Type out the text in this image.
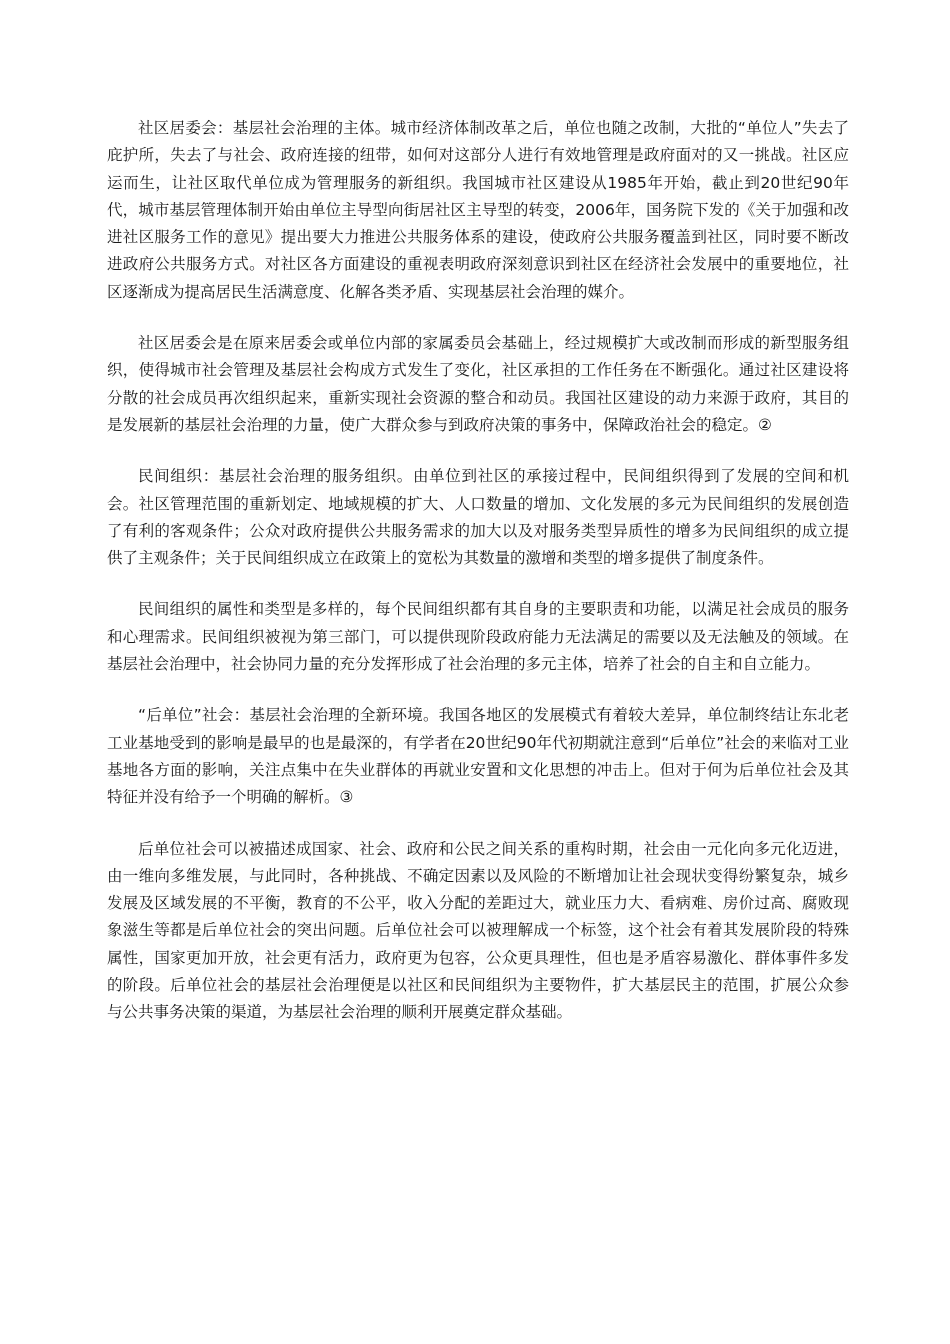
社区居委会：基层社会治理的主体。城市经济体制改革之后，单位也随之改制，大批的“单位人”失去了庇护所，失去了与社会、政府连接的纽带，如何对这部分人进行有效地管理是政府面对的又一挑战。社区应运而生，让社区取代单位成为管理服务的新组织。我国城市社区建设从1985年开始，截止到20世纪90年代，城市基层管理体制开始由单位主导型向街居社区主导型的转变，2006年，国务院下发的《关于加强和改进社区服务工作的意见》提出要大力推进公共服务体系的建设，使政府公共服务覆盖到社区，同时要不断改进政府公共服务方式。对社区各方面建设的重视表明政府深刻意识到社区在经济社会发展中的重要地位，社区逐渐成为提高居民生活满意度、化解各类矛盾、实现基层社会治理的媒介。

社区居委会是在原来居委会或单位内部的家属委员会基础上，经过规模扩大或改制而形成的新型服务组织，使得城市社会管理及基层社会构成方式发生了变化，社区承担的工作任务在不断强化。通过社区建设将分散的社会成员再次组织起来，重新实现社会资源的整合和动员。我国社区建设的动力来源于政府，其目的是发展新的基层社会治理的力量，使广大群众参与到政府决策的事务中，保障政治社会的稳定。②

民间组织：基层社会治理的服务组织。由单位到社区的承接过程中，民间组织得到了发展的空间和机会。社区管理范围的重新划定、地域规模的扩大、人口数量的增加、文化发展的多元为民间组织的发展创造了有利的客观条件；公众对政府提供公共服务需求的加大以及对服务类型异质性的增多为民间组织的成立提供了主观条件；关于民间组织成立在政策上的宽松为其数量的激增和类型的增多提供了制度条件。

民间组织的属性和类型是多样的，每个民间组织都有其自身的主要职责和功能，以满足社会成员的服务和心理需求。民间组织被视为第三部门，可以提供现阶段政府能力无法满足的需要以及无法触及的领域。在基层社会治理中，社会协同力量的充分发挥形成了社会治理的多元主体，培养了社会的自主和自立能力。

“后单位”社会：基层社会治理的全新环境。我国各地区的发展模式有着较大差异，单位制终结让东北老工业基地受到的影响是最早的也是最深的，有学者在20世纪90年代初期就注意到“后单位”社会的来临对工业基地各方面的影响，关注点集中在失业群体的再就业安置和文化思想的冲击上。但对于何为后单位社会及其特征并没有给予一个明确的解析。③

后单位社会可以被描述成国家、社会、政府和公民之间关系的重构时期，社会由一元化向多元化迈进，由一维向多维发展，与此同时，各种挑战、不确定因素以及风险的不断增加让社会现状变得纷繁复杂，城乡发展及区域发展的不平衡，教育的不公平，收入分配的差距过大，就业压力大、看病难、房价过高、腐败现象滋生等都是后单位社会的突出问题。后单位社会可以被理解成一个标签，这个社会有着其发展阶段的特殊属性，国家更加开放，社会更有活力，政府更为包容，公众更具理性，但也是矛盾容易激化、群体事件多发的阶段。后单位社会的基层社会治理便是以社区和民间组织为主要物件，扩大基层民主的范围，扩展公众参与公共事务决策的渠道，为基层社会治理的顺利开展奠定群众基础。
